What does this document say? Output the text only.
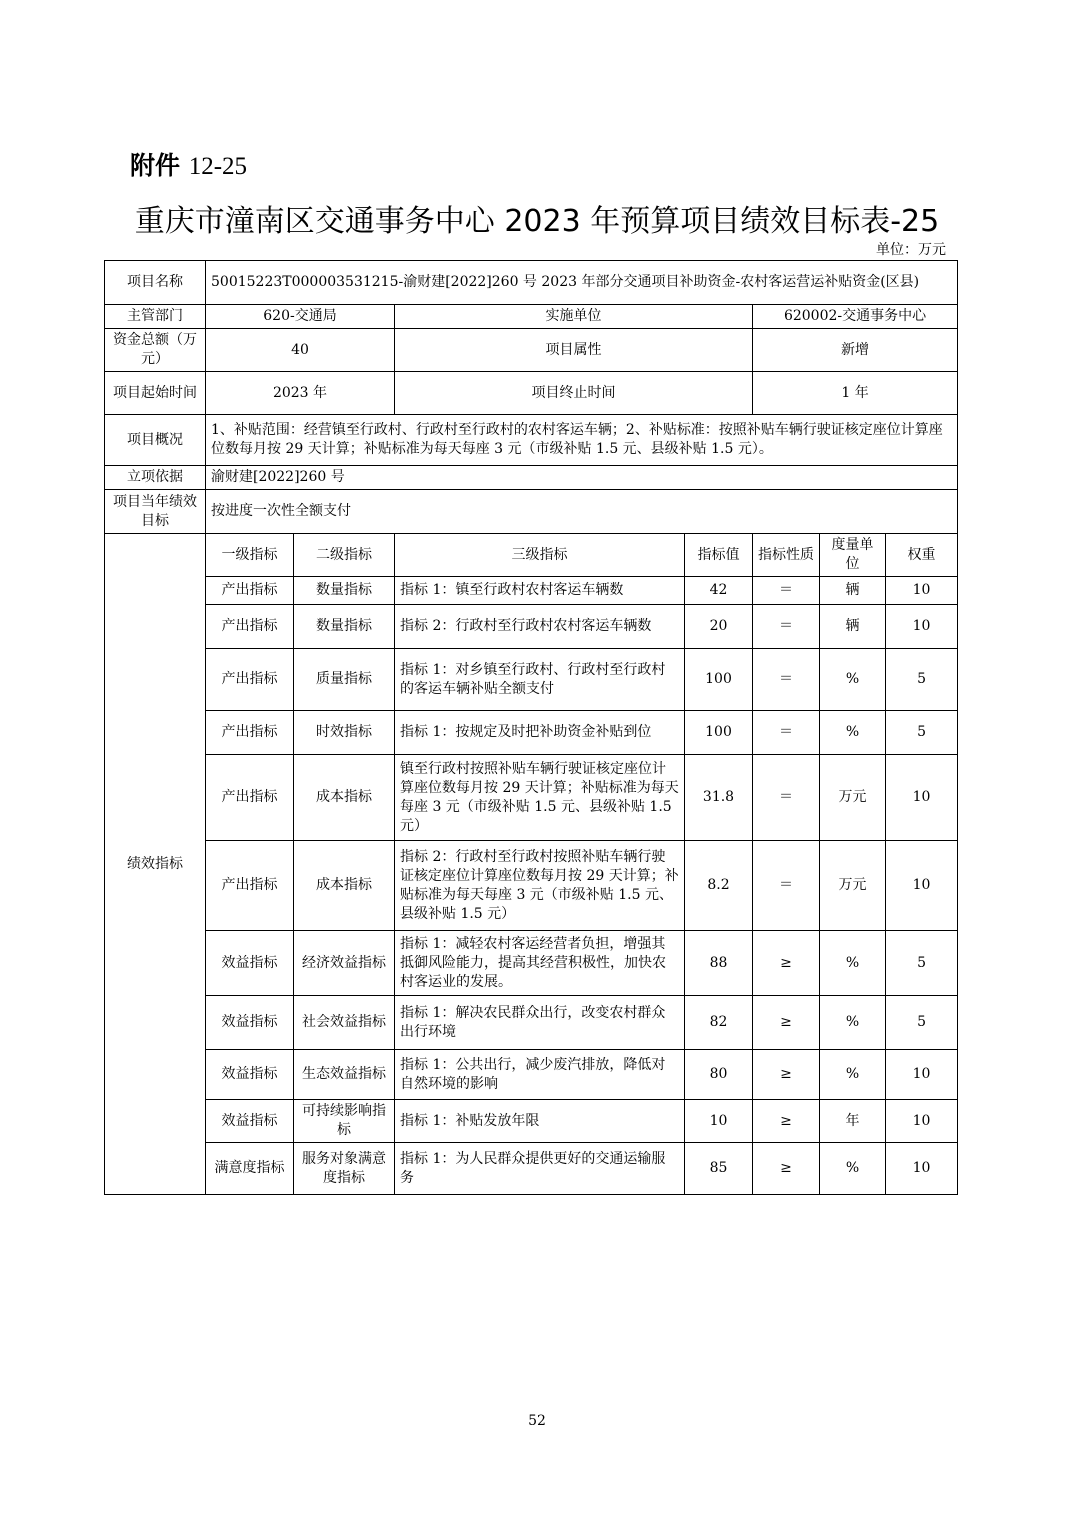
附件 12-25
重庆市潼南区交通事务中心 2023 年预算项目绩效目标表-25
单位：万元
项目名称	50015223T000003531215-渝财建[2022]260 号 2023 年部分交通项目补助资金-农村客运营运补贴资金(区县)						
主管部门	620-交通局		实施单位		620002-交通事务中心		
资金总额（万元）	40		项目属性		新增		
项目起始时间	2023 年		项目终止时间		1 年		
项目概况	1、补贴范围：经营镇至行政村、行政村至行政村的农村客运车辆；2、补贴标准：按照补贴车辆行驶证核定座位计算座位数每月按 29 天计算；补贴标准为每天每座 3 元（市级补贴 1.5 元、县级补贴 1.5 元）。						
立项依据	渝财建[2022]260 号						
项目当年绩效目标	按进度一次性全额支付						
绩效指标	一级指标	二级指标	三级指标	指标值	指标性质	度量单位	权重
	产出指标	数量指标	指标 1：镇至行政村农村客运车辆数	42	＝	辆	10
	产出指标	数量指标	指标 2：行政村至行政村农村客运车辆数	20	＝	辆	10
	产出指标	质量指标	指标 1：对乡镇至行政村、行政村至行政村的客运车辆补贴全额支付	100	＝	%	5
	产出指标	时效指标	指标 1：按规定及时把补助资金补贴到位	100	＝	%	5
	产出指标	成本指标	镇至行政村按照补贴车辆行驶证核定座位计算座位数每月按 29 天计算；补贴标准为每天每座 3 元（市级补贴 1.5 元、县级补贴 1.5 元）	31.8	＝	万元	10
	产出指标	成本指标	指标 2：行政村至行政村按照补贴车辆行驶证核定座位计算座位数每月按 29 天计算；补贴标准为每天每座 3 元（市级补贴 1.5 元、县级补贴 1.5 元）	8.2	＝	万元	10
	效益指标	经济效益指标	指标 1：减轻农村客运经营者负担，增强其抵御风险能力，提高其经营积极性，加快农村客运业的发展。	88	≥	%	5
	效益指标	社会效益指标	指标 1：解决农民群众出行，改变农村群众出行环境	82	≥	%	5
	效益指标	生态效益指标	指标 1：公共出行，减少废汽排放，降低对自然环境的影响	80	≥	%	10
	效益指标	可持续影响指标	指标 1：补贴发放年限	10	≥	年	10
	满意度指标	服务对象满意度指标	指标 1：为人民群众提供更好的交通运输服务	85	≥	%	10
52
